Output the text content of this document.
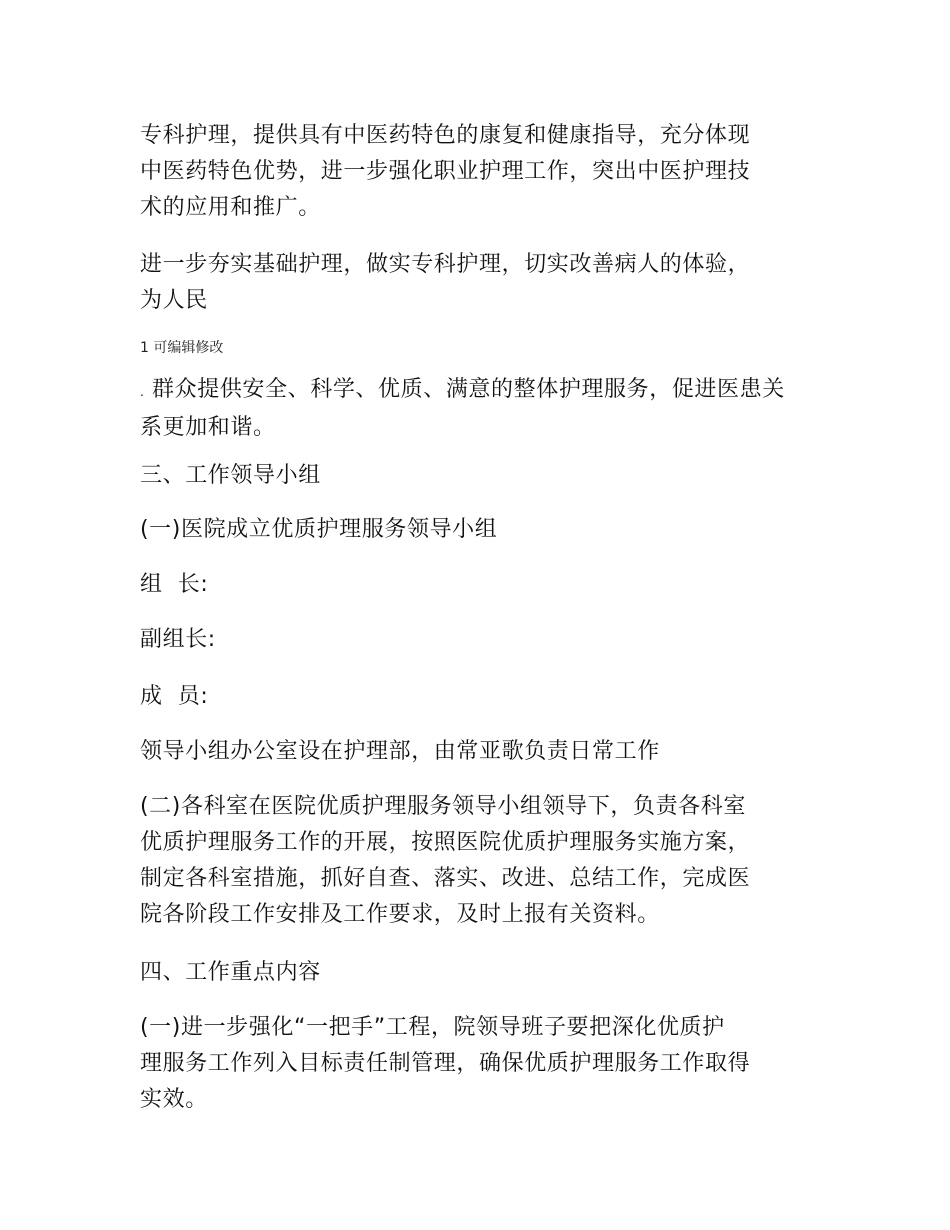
专科护理，提供具有中医药特色的康复和健康指导，充分体现
中医药特色优势，进一步强化职业护理工作，突出中医护理技
术的应用和推广。

进一步夯实基础护理，做实专科护理，切实改善病人的体验，
为人民

1 可编辑修改

. 群众提供安全、科学、优质、满意的整体护理服务，促进医患关
系更加和谐。

三、工作领导小组

(一)医院成立优质护理服务领导小组

组  长:

副组长:

成  员:

领导小组办公室设在护理部，由常亚歌负责日常工作

(二)各科室在医院优质护理服务领导小组领导下，负责各科室
优质护理服务工作的开展，按照医院优质护理服务实施方案，
制定各科室措施，抓好自查、落实、改进、总结工作，完成医
院各阶段工作安排及工作要求，及时上报有关资料。

四、工作重点内容

(一)进一步强化“一把手”工程，院领导班子要把深化优质护
理服务工作列入目标责任制管理，确保优质护理服务工作取得
实效。
